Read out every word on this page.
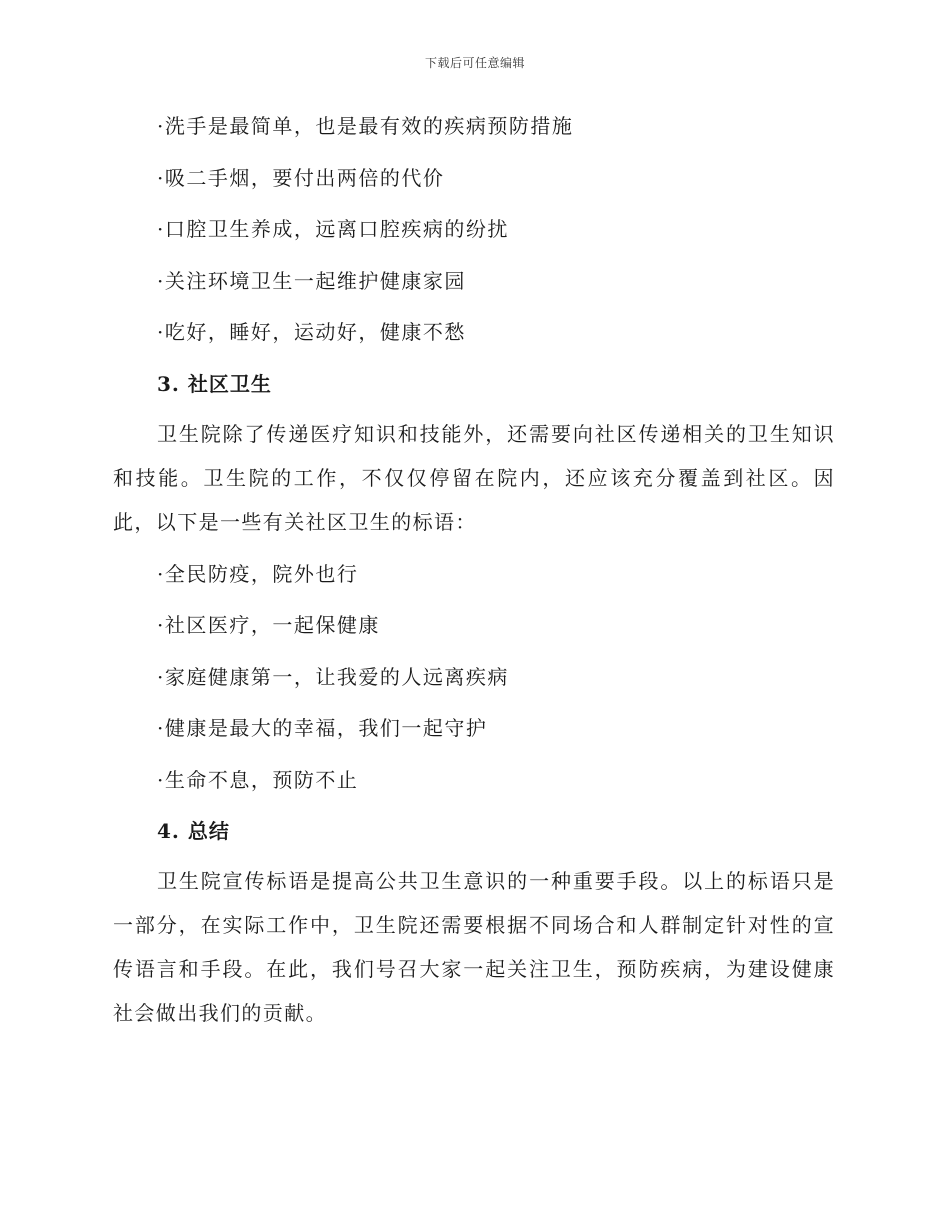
下载后可任意编辑
·洗手是最简单，也是最有效的疾病预防措施
·吸二手烟，要付出两倍的代价
·口腔卫生养成，远离口腔疾病的纷扰
·关注环境卫生一起维护健康家园
·吃好，睡好，运动好，健康不愁
3. 社区卫生

卫生院除了传递医疗知识和技能外，还需要向社区传递相关的卫生知识和技能。卫生院的工作，不仅仅停留在院内，还应该充分覆盖到社区。因此，以下是一些有关社区卫生的标语：

·全民防疫，院外也行
·社区医疗，一起保健康
·家庭健康第一，让我爱的人远离疾病
·健康是最大的幸福，我们一起守护
·生命不息，预防不止
4. 总结

卫生院宣传标语是提高公共卫生意识的一种重要手段。以上的标语只是一部分，在实际工作中，卫生院还需要根据不同场合和人群制定针对性的宣传语言和手段。在此，我们号召大家一起关注卫生，预防疾病，为建设健康社会做出我们的贡献。
